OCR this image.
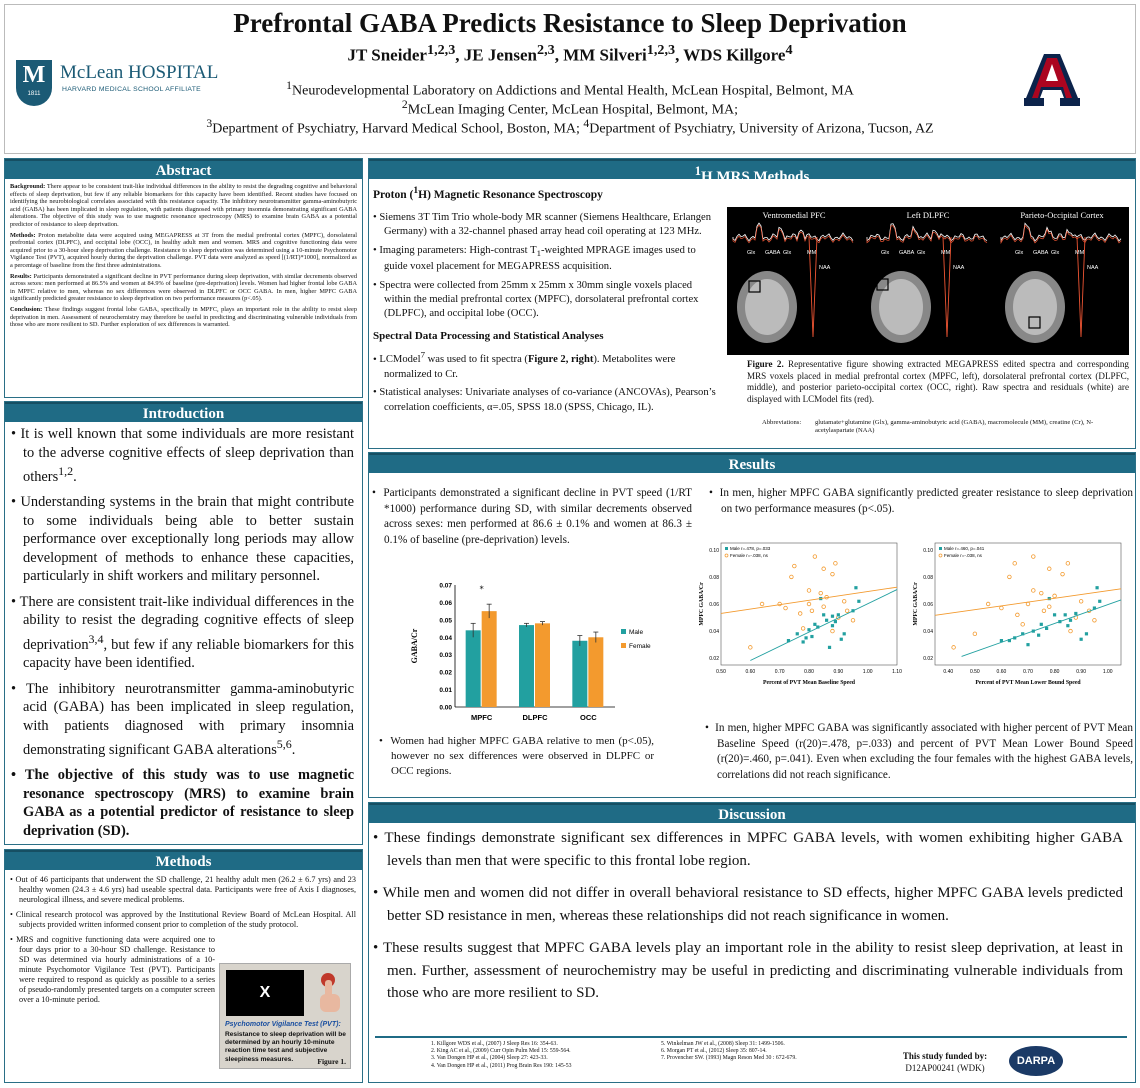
Prefrontal GABA Predicts Resistance to Sleep Deprivation
JT Sneider$^{1,2,3}$, JE Jensen$^{2,3}$, MM Silveri$^{1,2,3}$, WDS Killgore$^4$
$^1$Neurodevelopmental Laboratory on Addictions and Mental Health, McLean Hospital, Belmont, MA
$^2$McLean Imaging Center, McLean Hospital, Belmont, MA;
$^3$Department of Psychiatry, Harvard Medical School, Boston, MA; $^4$Department of Psychiatry, University of Arizona, Tucson, AZ
M
1811
McLean HOSPITAL
HARVARD MEDICAL SCHOOL AFFILIATE
Abstract

Background: There appear to be consistent trait-like individual differences in the ability to resist the degrading cognitive and behavioral effects of sleep deprivation, but few if any reliable biomarkers for this capacity have been identified. Recent studies have focused on identifying the neurobiological correlates associated with this resistance capacity. The inhibitory neurotransmitter gamma-aminobutyric acid (GABA) has been implicated in sleep regulation, with patients diagnosed with primary insomnia demonstrating significant GABA alterations. The objective of this study was to use magnetic resonance spectroscopy (MRS) to examine brain GABA as a potential predictor of resistance to sleep deprivation.

Methods: Proton metabolite data were acquired using MEGAPRESS at 3T from the medial prefrontal cortex (MPFC), dorsolateral prefrontal cortex (DLPFC), and occipital lobe (OCC), in healthy adult men and women. MRS and cognitive functioning data were acquired prior to a 30-hour sleep deprivation challenge. Resistance to sleep deprivation was determined using a 10-minute Psychomotor Vigilance Test (PVT), acquired hourly during the deprivation challenge. PVT data were analyzed as speed [(1/RT)*1000], normalized as a percentage of baseline from the first three administrations.

Results: Participants demonstrated a significant decline in PVT performance during sleep deprivation, with similar decrements observed across sexes: men performed at 86.5% and women at 84.9% of baseline (pre-deprivation) levels. Women had higher frontal lobe GABA in MPFC relative to men, whereas no sex differences were observed in DLPFC or OCC GABA. In men, higher MPFC GABA significantly predicted greater resistance to sleep deprivation on two performance measures (p<.05).

Conclusion: These findings suggest frontal lobe GABA, specifically in MPFC, plays an important role in the ability to resist sleep deprivation in men. Assessment of neurochemistry may therefore be useful in predicting and discriminating vulnerable individuals from those who are more resilient to SD. Further exploration of sex differences is warranted.

Introduction

• It is well known that some individuals are more resistant to the adverse cognitive effects of sleep deprivation than others$^{1,2}$.

• Understanding systems in the brain that might contribute to some individuals being able to better sustain performance over exceptionally long periods may allow development of methods to enhance these capacities, particularly in shift workers and military personnel.

• There are consistent trait-like individual differences in the ability to resist the degrading cognitive effects of sleep deprivation$^{3,4}$, but few if any reliable biomarkers for this capacity have been identified.

• The inhibitory neurotransmitter gamma-aminobutyric acid (GABA) has been implicated in sleep regulation, with patients diagnosed with primary insomnia demonstrating significant GABA alterations$^{5,6}$.

• The objective of this study was to use magnetic resonance spectroscopy (MRS) to examine brain GABA as a potential predictor of resistance to sleep deprivation (SD).

Methods

• Out of 46 participants that underwent the SD challenge, 21 healthy adult men (26.2 ± 6.7 yrs) and 23 healthy women (24.3 ± 4.6 yrs) had useable spectral data. Participants were free of Axis I diagnoses, neurological illness, and severe medical problems.

• Clinical research protocol was approved by the Institutional Review Board of McLean Hospital. All subjects provided written informed consent prior to completion of the study protocol.

• MRS and cognitive functioning data were acquired one to four days prior to a 30-hour SD challenge. Resistance to SD was determined via hourly administrations of a 10-minute Psychomotor Vigilance Test (PVT). Participants were required to respond as quickly as possible to a series of pseudo-randomly presented targets on a computer screen over a 10-minute period.	X
Psychomotor Vigilance Test (PVT):
Resistance to sleep deprivation will be determined by an hourly 10-minute reaction time test and subjective sleepiness measures.	Figure 1.
$^1$H MRS Methods
Proton ($^1$H) Magnetic Resonance Spectroscopy

• Siemens 3T Tim Trio whole-body MR scanner (Siemens Healthcare, Erlangen Germany) with a 32-channel phased array head coil operating at 123 MHz.

• Imaging parameters: High-contrast $T_1$-weighted MPRAGE images used to guide voxel placement for MEGAPRESS acquisition.

• Spectra were collected from 25mm x 25mm x 30mm single voxels placed within the medial prefrontal cortex (MPFC), dorsolateral prefrontal cortex (DLPFC), and occipital lobe (OCC).

Spectral Data Processing and Statistical Analyses

• LCModel$^7$ was used to fit spectra (Figure 2, right). Metabolites were normalized to Cr.

• Statistical analyses: Univariate analyses of co-variance (ANCOVAs), Pearson’s correlation coefficients, α=.05, SPSS 18.0 (SPSS, Chicago, IL).

Ventromedial PFC
Glx GABA Glx	MM
NAA
Left DLPFC
Glx GABA Glx	MM
NAA
Parieto-Occipital Cortex
Glx GABA Glx	MM
NAA
Figure 2. Representative figure showing extracted MEGAPRESS edited spectra and corresponding MRS voxels placed in medial prefrontal cortex (MPFC, left), dorsolateral prefrontal cortex (DLPFC, middle), and posterior parieto-occipital cortex (OCC, right). Raw spectra and residuals (white) are displayed with LCModel fits (red).
Abbreviations: glutamate+glutamine (Glx), gamma-aminobutyric acid (GABA), macromolecule (MM), creatine (Cr), N-acetylaspartate (NAA)
Results

•  Participants demonstrated a significant decline in PVT speed (1/RT *1000) performance during SD, with similar decrements observed across sexes: men performed at 86.6 ± 0.1% and women at 86.3 ± 0.1% of baseline (pre-deprivation) levels.

0.00
0.01
0.02
0.03
0.04
0.05
0.06
0.07
GABA/Cr
MPFC	DLPFC	OCC
*
Male
Female

•  Women had higher MPFC GABA relative to men (p<.05), however no sex differences were observed in DLPFC or OCC regions.

•  In men, higher MPFC GABA significantly predicted greater resistance to sleep deprivation on two performance measures (p<.05).

0.50	0.60	0.70	0.80	0.90	1.00	1.10
0.02
0.04
0.06
0.08
0.10
Percent of PVT Mean Baseline Speed
MPFC GABA/Cr
Male r=.478, p=.033
Female r=-.038, ns
0.40	0.50	0.60	0.70	0.80	0.90	1.00
0.02
0.04
0.06
0.08
0.10
Percent of PVT Mean Lower Bound Speed
MPFC GABA/Cr
Male r=.460, p=.041
Female r=-.038, ns

•  In men, higher MPFC GABA was significantly associated with higher percent of PVT Mean Baseline Speed (r(20)=.478, p=.033) and percent of PVT Mean Lower Bound Speed (r(20)=.460, p=.041). Even when excluding the four females with the highest GABA levels, correlations did not reach significance.

Discussion

• These findings demonstrate significant sex differences in MPFC GABA levels, with women exhibiting higher GABA levels than men that were specific to this frontal lobe region.

• While men and women did not differ in overall behavioral resistance to SD effects, higher MPFC GABA levels predicted better SD resistance in men, whereas these relationships did not reach significance in women.

• These results suggest that MPFC GABA levels play an important role in the ability to resist sleep deprivation, at least in men. Further, assessment of neurochemistry may be useful in predicting and discriminating vulnerable individuals from those who are more resilient to SD.

1. Killgore WDS et al., (2007) J Sleep Res 16: 354-63.
2. King AC et al., (2009) Curr Opin Pulm Med 15: 559-564.
3. Van Dongen HP et al., (2004) Sleep 27: 423-33.
4. Van Dongen HP et al., (2011) Prog Brain Res 190: 145-53
5. Winkelman JW et al., (2008) Sleep 31: 1499-1506.
6. Morgan PT et al., (2012) Sleep 35: 807-14.
7. Provencher SW. (1993) Magn Reson Med 30 : 672-679.	This study funded by:
D12AP00241 (WDK)
DARPA
